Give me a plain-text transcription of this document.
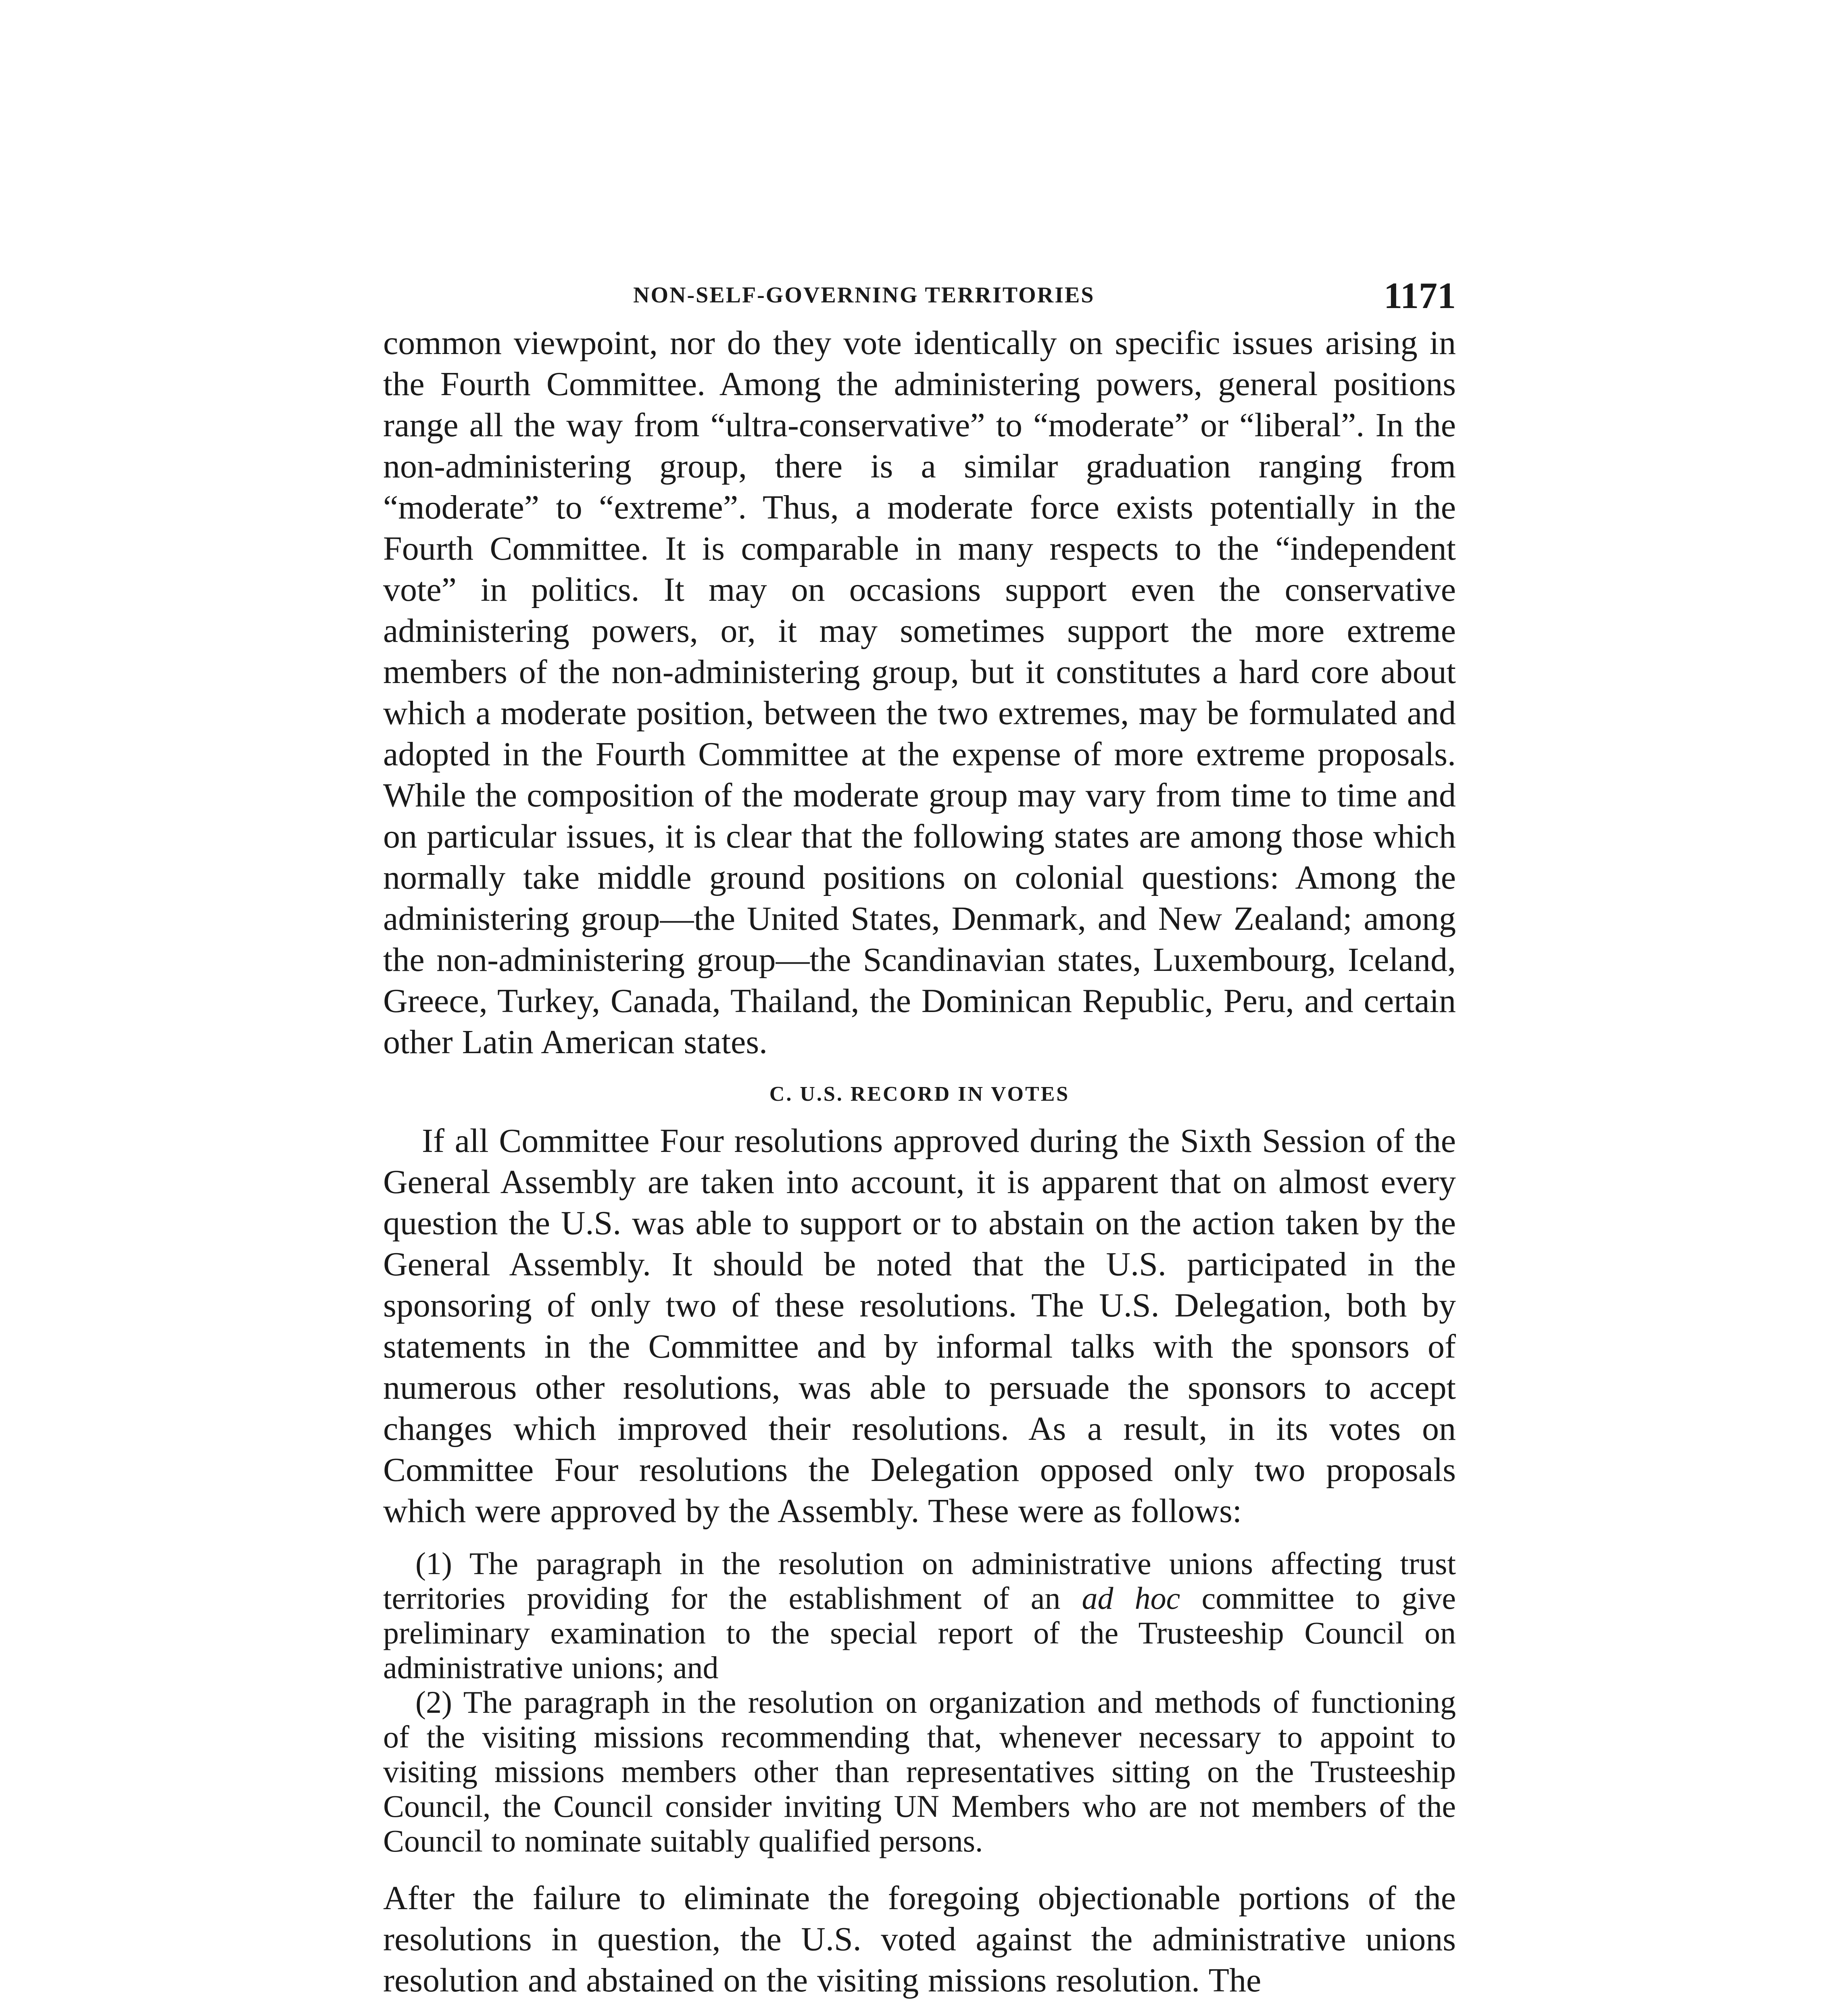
NON-SELF-GOVERNING TERRITORIES	1171

common viewpoint, nor do they vote identically on specific issues arising in the Fourth Committee. Among the administering powers, general positions range all the way from “ultra-conservative” to “moderate” or “liberal”. In the non-administering group, there is a similar graduation ranging from “moderate” to “extreme”. Thus, a moderate force exists potentially in the Fourth Committee. It is comparable in many respects to the “independent vote” in politics. It may on occasions support even the conservative administering powers, or, it may sometimes support the more extreme members of the non-administering group, but it constitutes a hard core about which a moderate position, between the two extremes, may be formulated and adopted in the Fourth Committee at the expense of more extreme proposals. While the composition of the moderate group may vary from time to time and on particular issues, it is clear that the following states are among those which normally take middle ground positions on colonial questions: Among the administering group—the United States, Denmark, and New Zealand; among the non-administering group—the Scandinavian states, Luxembourg, Iceland, Greece, Turkey, Canada, Thailand, the Dominican Republic, Peru, and certain other Latin American states.

C. U.S. RECORD IN VOTES

If all Committee Four resolutions approved during the Sixth Session of the General Assembly are taken into account, it is apparent that on almost every question the U.S. was able to support or to abstain on the action taken by the General Assembly. It should be noted that the U.S. participated in the sponsoring of only two of these resolutions. The U.S. Delegation, both by statements in the Committee and by informal talks with the sponsors of numerous other resolutions, was able to persuade the sponsors to accept changes which improved their resolutions. As a result, in its votes on Committee Four resolutions the Delegation opposed only two proposals which were approved by the Assembly. These were as follows:

(1) The paragraph in the resolution on administrative unions affecting trust territories providing for the establishment of an ad hoc committee to give preliminary examination to the special report of the Trusteeship Council on administrative unions; and

(2) The paragraph in the resolution on organization and methods of functioning of the visiting missions recommending that, whenever necessary to appoint to visiting missions members other than representatives sitting on the Trusteeship Council, the Council consider inviting UN Members who are not members of the Council to nominate suitably qualified persons.

After the failure to eliminate the foregoing objectionable portions of the resolutions in question, the U.S. voted against the administrative unions resolution and abstained on the visiting missions resolution. The
